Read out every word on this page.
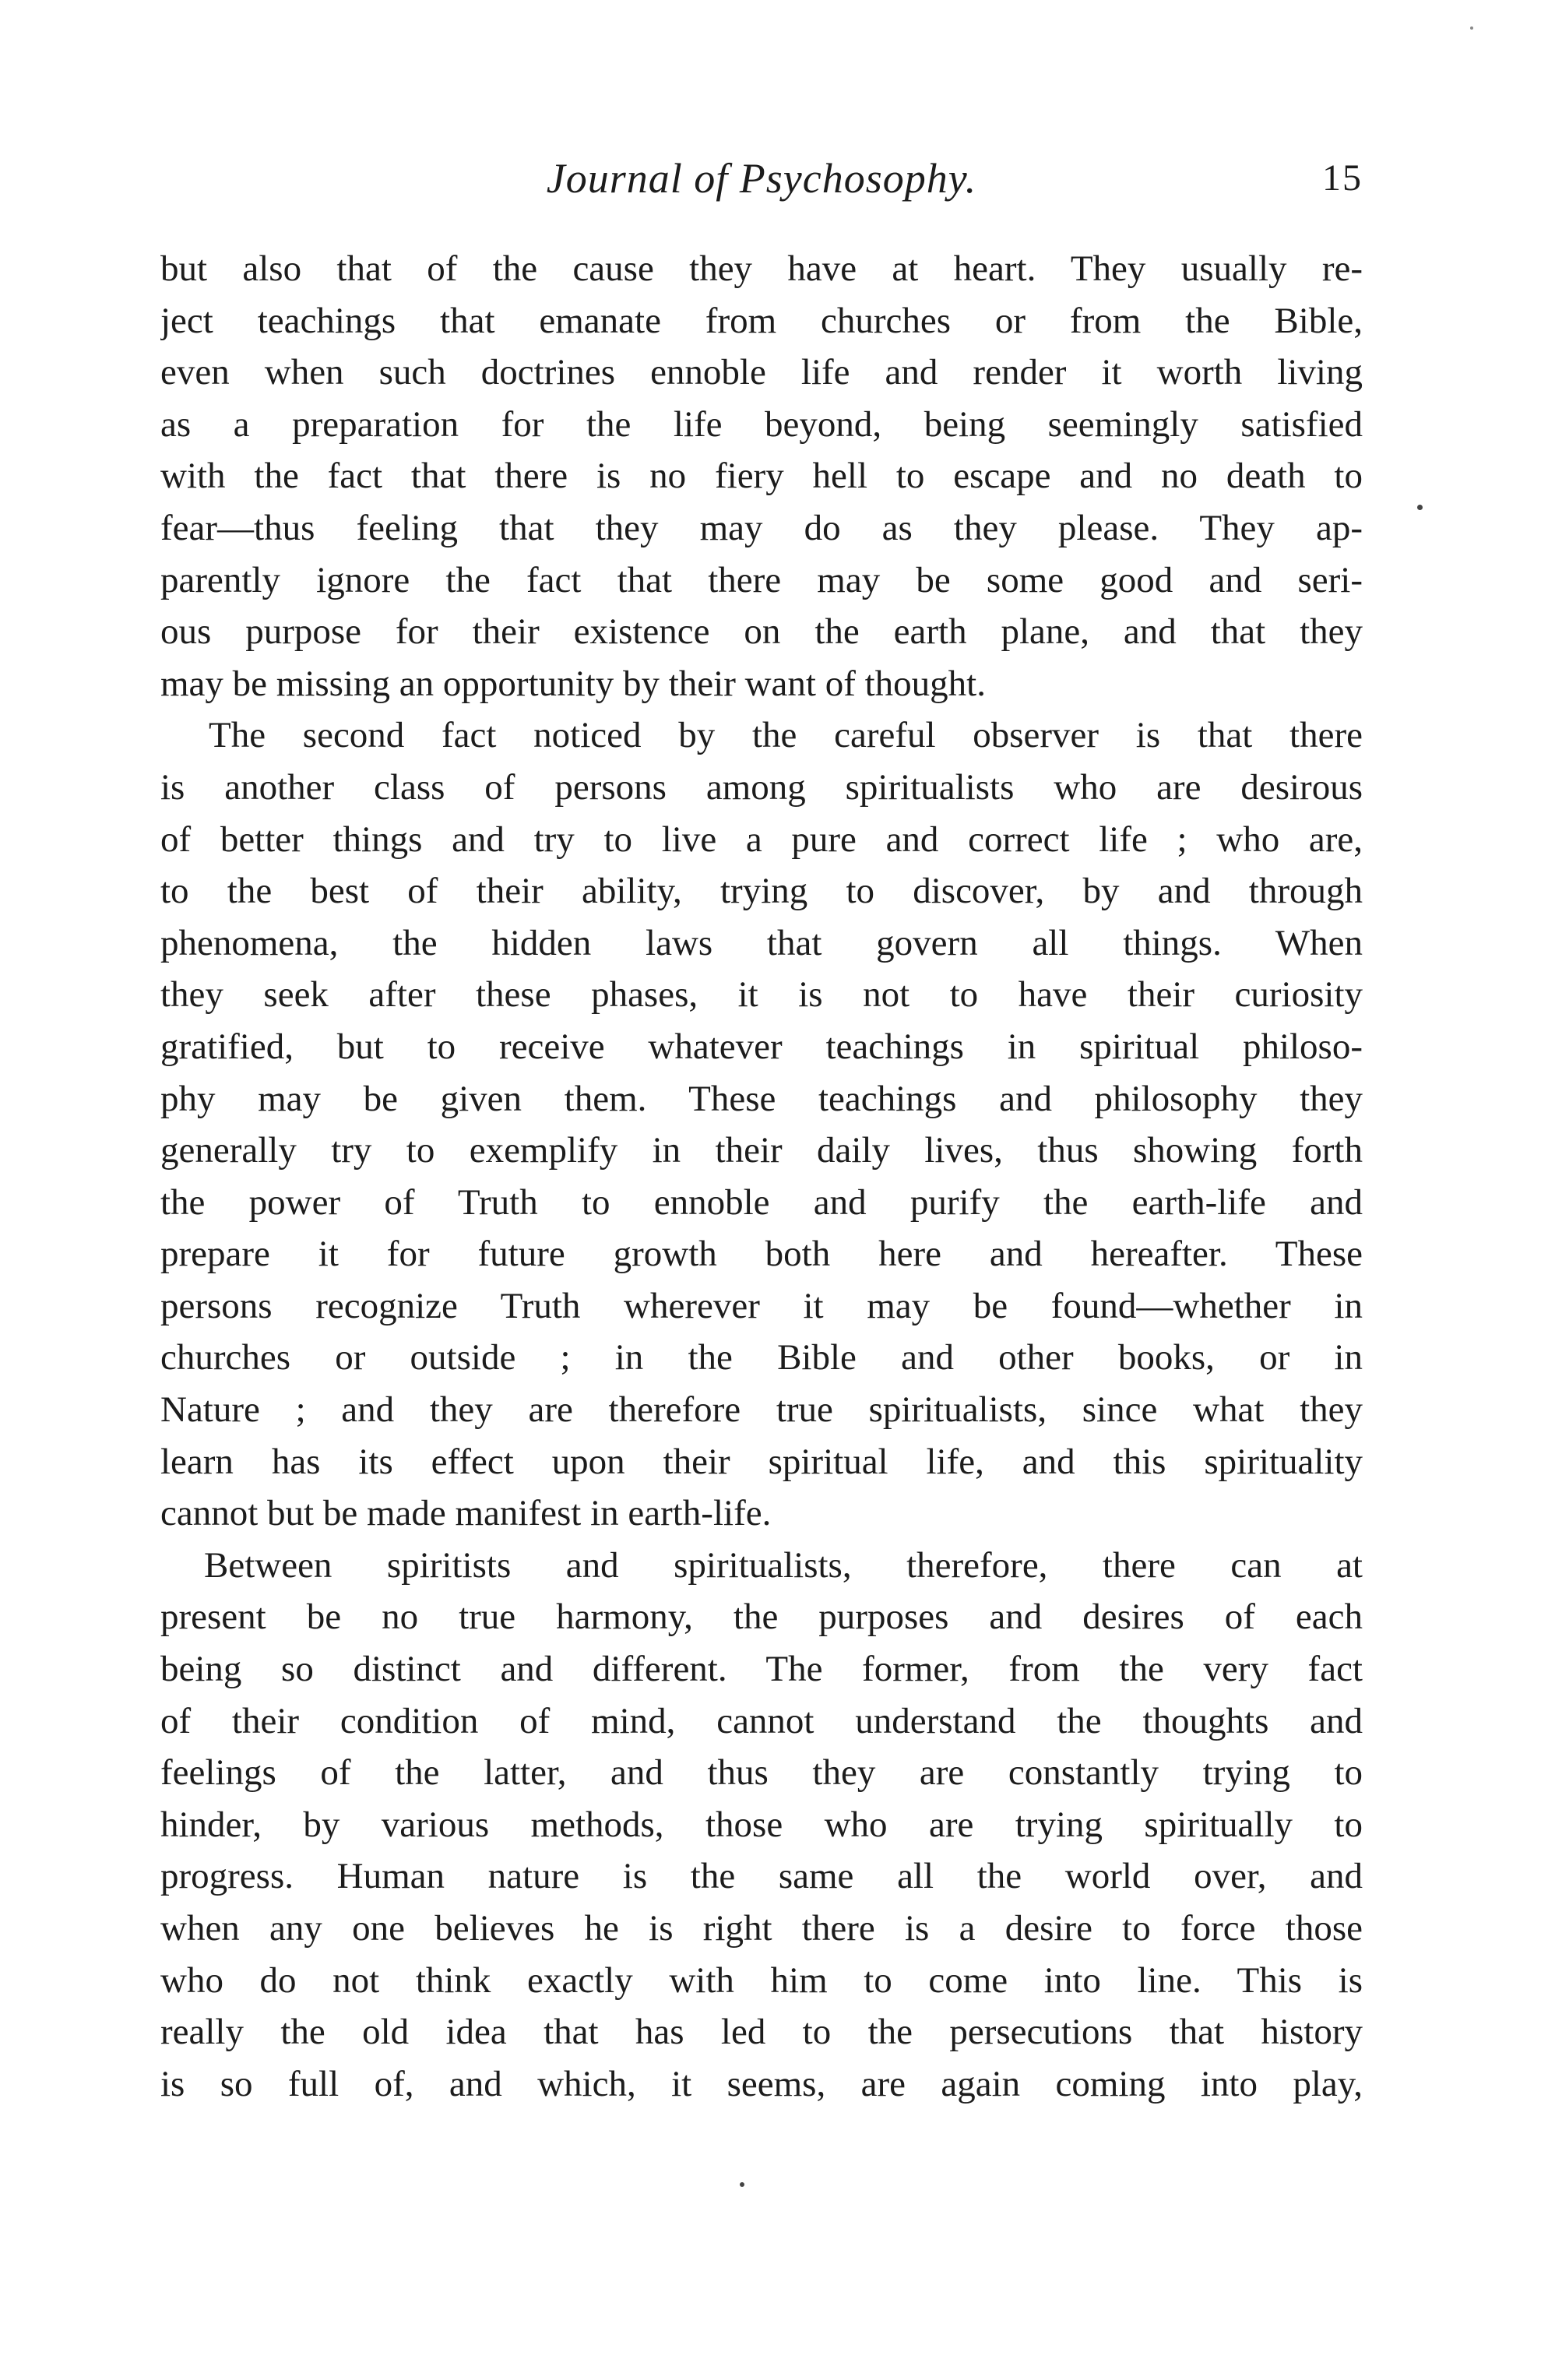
Journal of Psychosophy.	15
but also that of the cause they have at heart. They usually re-
ject teachings that emanate from churches or from the Bible,
even when such doctrines ennoble life and render it worth living
as a preparation for the life beyond, being seemingly satisfied
with the fact that there is no fiery hell to escape and no death to
fear—thus feeling that they may do as they please. They ap-
parently ignore the fact that there may be some good and seri-
ous purpose for their existence on the earth plane, and that they
may be missing an opportunity by their want of thought.
The second fact noticed by the careful observer is that there
is another class of persons among spiritualists who are desirous
of better things and try to live a pure and correct life ; who are,
to the best of their ability, trying to discover, by and through
phenomena, the hidden laws that govern all things. When
they seek after these phases, it is not to have their curiosity
gratified, but to receive whatever teachings in spiritual philoso-
phy may be given them. These teachings and philosophy they
generally try to exemplify in their daily lives, thus showing forth
the power of Truth to ennoble and purify the earth-life and
prepare it for future growth both here and hereafter. These
persons recognize Truth wherever it may be found—whether in
churches or outside ; in the Bible and other books, or in
Nature ; and they are therefore true spiritualists, since what they
learn has its effect upon their spiritual life, and this spirituality
cannot but be made manifest in earth-life.
Between spiritists and spiritualists, therefore, there can at
present be no true harmony, the purposes and desires of each
being so distinct and different. The former, from the very fact
of their condition of mind, cannot understand the thoughts and
feelings of the latter, and thus they are constantly trying to
hinder, by various methods, those who are trying spiritually to
progress. Human nature is the same all the world over, and
when any one believes he is right there is a desire to force those
who do not think exactly with him to come into line. This is
really the old idea that has led to the persecutions that history
is so full of, and which, it seems, are again coming into play,
